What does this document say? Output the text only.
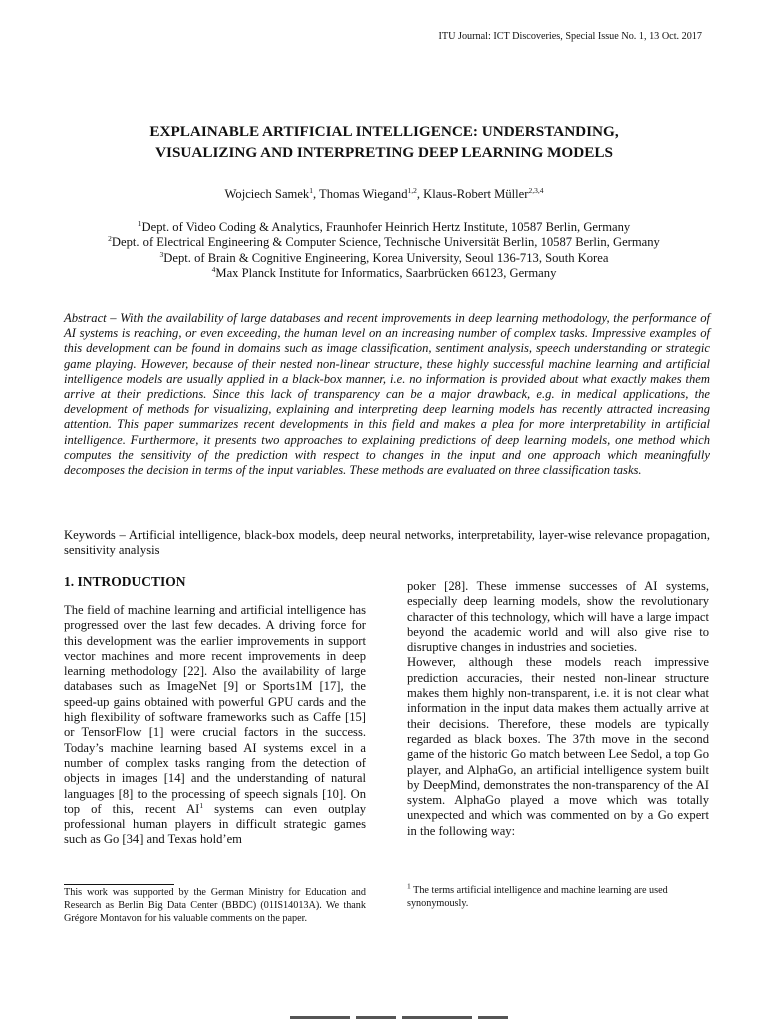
ITU Journal: ICT Discoveries, Special Issue No. 1, 13 Oct. 2017
EXPLAINABLE ARTIFICIAL INTELLIGENCE: UNDERSTANDING,
VISUALIZING AND INTERPRETING DEEP LEARNING MODELS
Wojciech Samek$^1$, Thomas Wiegand$^{1,2}$, Klaus-Robert Müller$^{2,3,4}$
$^1$Dept. of Video Coding & Analytics, Fraunhofer Heinrich Hertz Institute, 10587 Berlin, Germany
$^2$Dept. of Electrical Engineering & Computer Science, Technische Universität Berlin, 10587 Berlin, Germany
$^3$Dept. of Brain & Cognitive Engineering, Korea University, Seoul 136-713, South Korea
$^4$Max Planck Institute for Informatics, Saarbrücken 66123, Germany
Abstract – With the availability of large databases and recent improvements in deep learning methodology, the performance of AI systems is reaching, or even exceeding, the human level on an increasing number of complex tasks. Impressive examples of this development can be found in domains such as image classification, sentiment analysis, speech understanding or strategic game playing. However, because of their nested non-linear structure, these highly successful machine learning and artificial intelligence models are usually applied in a black-box manner, i.e. no information is provided about what exactly makes them arrive at their predictions. Since this lack of transparency can be a major drawback, e.g. in medical applications, the development of methods for visualizing, explaining and interpreting deep learning models has recently attracted increasing attention. This paper summarizes recent developments in this field and makes a plea for more interpretability in artificial intelligence. Furthermore, it presents two approaches to explaining predictions of deep learning models, one method which computes the sensitivity of the prediction with respect to changes in the input and one approach which meaningfully decomposes the decision in terms of the input variables. These methods are evaluated on three classification tasks.
Keywords – Artificial intelligence, black-box models, deep neural networks, interpretability, layer-wise relevance propagation, sensitivity analysis
1. INTRODUCTION

The field of machine learning and artificial intelligence has progressed over the last few decades. A driving force for this development was the earlier improvements in support vector machines and more recent improvements in deep learning methodology [22]. Also the availability of large databases such as ImageNet [9] or Sports1M [17], the speed-up gains obtained with powerful GPU cards and the high flexibility of software frameworks such as Caffe [15] or TensorFlow [1] were crucial factors in the success. Today’s machine learning based AI systems excel in a number of complex tasks ranging from the detection of objects in images [14] and the understanding of natural languages [8] to the processing of speech signals [10]. On top of this, recent $AI^1$ systems can even outplay professional human players in difficult strategic games such as Go [34] and Texas hold’em

poker [28]. These immense successes of AI systems, especially deep learning models, show the revolutionary character of this technology, which will have a large impact beyond the academic world and will also give rise to disruptive changes in industries and societies.

However, although these models reach impressive prediction accuracies, their nested non-linear structure makes them highly non-transparent, i.e. it is not clear what information in the input data makes them actually arrive at their decisions. Therefore, these models are typically regarded as black boxes. The 37th move in the second game of the historic Go match between Lee Sedol, a top Go player, and AlphaGo, an artificial intelligence system built by DeepMind, demonstrates the non-transparency of the AI system. AlphaGo played a move which was totally unexpected and which was commented on by a Go expert in the following way:

This work was supported by the German Ministry for Education and Research as Berlin Big Data Center (BBDC) (01IS14013A). We thank Grégore Montavon for his valuable comments on the paper.
$^1$ The terms artificial intelligence and machine learning are used synonymously.
